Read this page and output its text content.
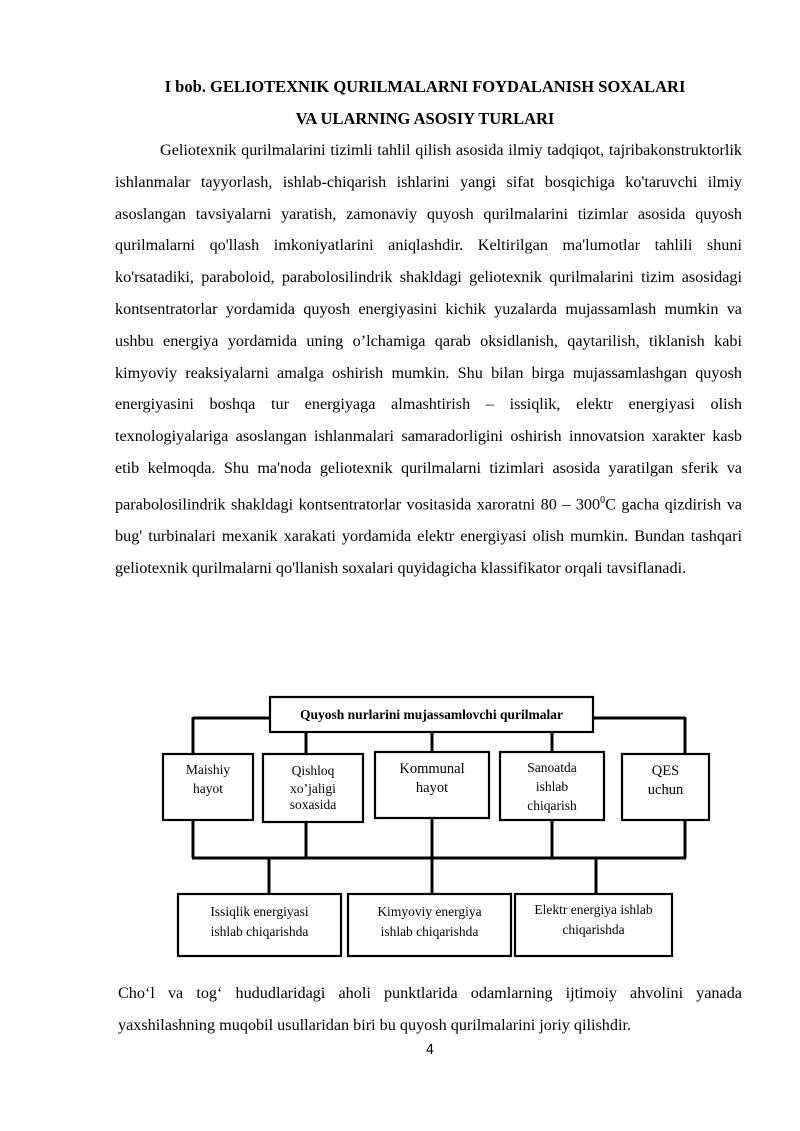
I bob. GELIOTEXNIK QURILMALARNI FOYDALANISH SOXALARI
VA ULARNING ASOSIY TURLARI

Geliotexnik qurilmalarini tizimli tahlil qilish asosida ilmiy tadqiqot, tajribakonstruktorlik ishlanmalar tayyorlash, ishlab-chiqarish ishlarini yangi sifat bosqichiga ko'taruvchi ilmiy asoslangan tavsiyalarni yaratish, zamonaviy quyosh qurilmalarini tizimlar asosida quyosh qurilmalarni qo'llash imkoniyatlarini aniqlashdir. Keltirilgan ma'lumotlar tahlili shuni ko'rsatadiki, paraboloid, parabolosilindrik shakldagi geliotexnik qurilmalarini tizim asosidagi kontsentratorlar yordamida quyosh energiyasini kichik yuzalarda mujassamlash mumkin va ushbu energiya yordamida uning o’lchamiga qarab oksidlanish, qaytarilish, tiklanish kabi kimyoviy reaksiyalarni amalga oshirish mumkin. Shu bilan birga mujassamlashgan quyosh energiyasini boshqa tur energiyaga almashtirish – issiqlik, elektr energiyasi olish texnologiyalariga asoslangan ishlanmalari samaradorligini oshirish innovatsion xarakter kasb etib kelmoqda. Shu ma'noda geliotexnik qurilmalarni tizimlari asosida yaratilgan sferik va parabolosilindrik shakldagi kontsentratorlar vositasida xaroratni $80 - 300^0C$ gacha qizdirish va bug' turbinalari mexanik xarakati yordamida elektr energiyasi olish mumkin. Bundan tashqari geliotexnik qurilmalarni qo'llanish soxalari quyidagicha klassifikator orqali tavsiflanadi.

Quyosh nurlarini mujassamlovchi qurilmalar
Maishiy
hayot
Qishloq
xo’jaligi
soxasida
Kommunal
hayot
Sanoatda
ishlab
chiqarish
QES
uchun
Issiqlik energiyasi
ishlab chiqarishda
Kimyoviy energiya
ishlab chiqarishda
Elektr energiya ishlab
chiqarishda

Cho‘l va tog‘ hududlaridagi aholi punktlarida odamlarning ijtimoiy ahvolini yanada yaxshilashning muqobil usullaridan biri bu quyosh qurilmalarini joriy qilishdir.

4
